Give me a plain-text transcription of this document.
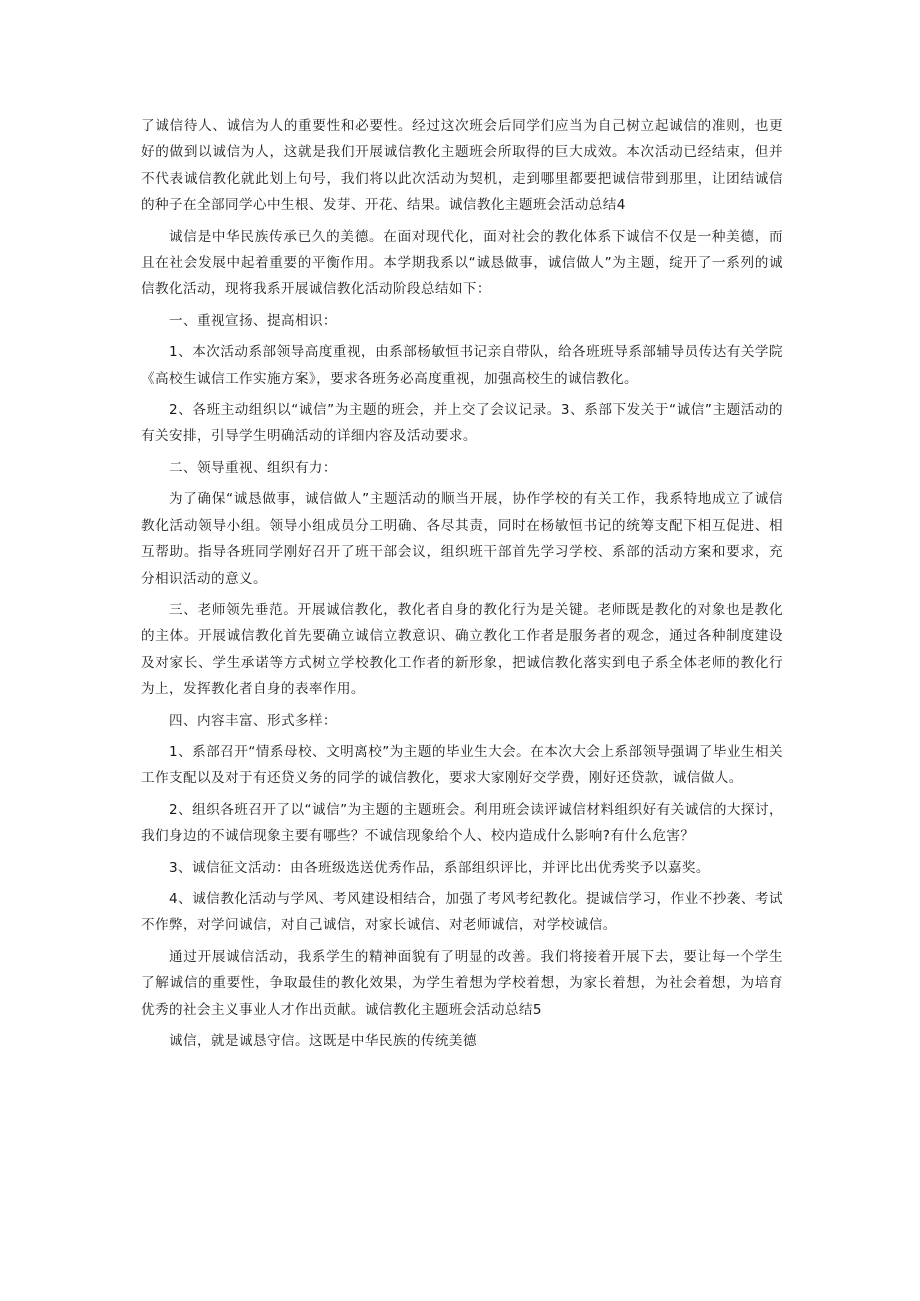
了诚信待人、诚信为人的重要性和必要性。经过这次班会后同学们应当为自己树立起诚信的准则，也更好的做到以诚信为人，这就是我们开展诚信教化主题班会所取得的巨大成效。本次活动已经结束，但并不代表诚信教化就此划上句号，我们将以此次活动为契机，走到哪里都要把诚信带到那里，让团结诚信的种子在全部同学心中生根、发芽、开花、结果。诚信教化主题班会活动总结4

诚信是中华民族传承已久的美德。在面对现代化，面对社会的教化体系下诚信不仅是一种美德，而且在社会发展中起着重要的平衡作用。本学期我系以“诚恳做事，诚信做人”为主题，绽开了一系列的诚信教化活动，现将我系开展诚信教化活动阶段总结如下：

一、重视宣扬、提高相识：

1、本次活动系部领导高度重视，由系部杨敏恒书记亲自带队，给各班班导系部辅导员传达有关学院《高校生诚信工作实施方案》，要求各班务必高度重视，加强高校生的诚信教化。

2、各班主动组织以“诚信”为主题的班会，并上交了会议记录。3、系部下发关于“诚信”主题活动的有关安排，引导学生明确活动的详细内容及活动要求。

二、领导重视、组织有力：

为了确保“诚恳做事，诚信做人”主题活动的顺当开展，协作学校的有关工作，我系特地成立了诚信教化活动领导小组。领导小组成员分工明确、各尽其责，同时在杨敏恒书记的统筹支配下相互促进、相互帮助。指导各班同学刚好召开了班干部会议，组织班干部首先学习学校、系部的活动方案和要求，充分相识活动的意义。

三、老师领先垂范。开展诚信教化，教化者自身的教化行为是关键。老师既是教化的对象也是教化的主体。开展诚信教化首先要确立诚信立教意识、确立教化工作者是服务者的观念，通过各种制度建设及对家长、学生承诺等方式树立学校教化工作者的新形象，把诚信教化落实到电子系全体老师的教化行为上，发挥教化者自身的表率作用。

四、内容丰富、形式多样：

1、系部召开“情系母校、文明离校”为主题的毕业生大会。在本次大会上系部领导强调了毕业生相关工作支配以及对于有还贷义务的同学的诚信教化，要求大家刚好交学费，刚好还贷款，诚信做人。

2、组织各班召开了以“诚信”为主题的主题班会。利用班会读评诚信材料组织好有关诚信的大探讨，我们身边的不诚信现象主要有哪些？不诚信现象给个人、校内造成什么影响?有什么危害？

3、诚信征文活动：由各班级选送优秀作品，系部组织评比，并评比出优秀奖予以嘉奖。

4、诚信教化活动与学风、考风建设相结合，加强了考风考纪教化。提诚信学习，作业不抄袭、考试不作弊，对学问诚信，对自己诚信，对家长诚信、对老师诚信，对学校诚信。

通过开展诚信活动，我系学生的精神面貌有了明显的改善。我们将接着开展下去，要让每一个学生了解诚信的重要性，争取最佳的教化效果，为学生着想为学校着想，为家长着想，为社会着想，为培育优秀的社会主义事业人才作出贡献。诚信教化主题班会活动总结5

诚信，就是诚恳守信。这既是中华民族的传统美德
